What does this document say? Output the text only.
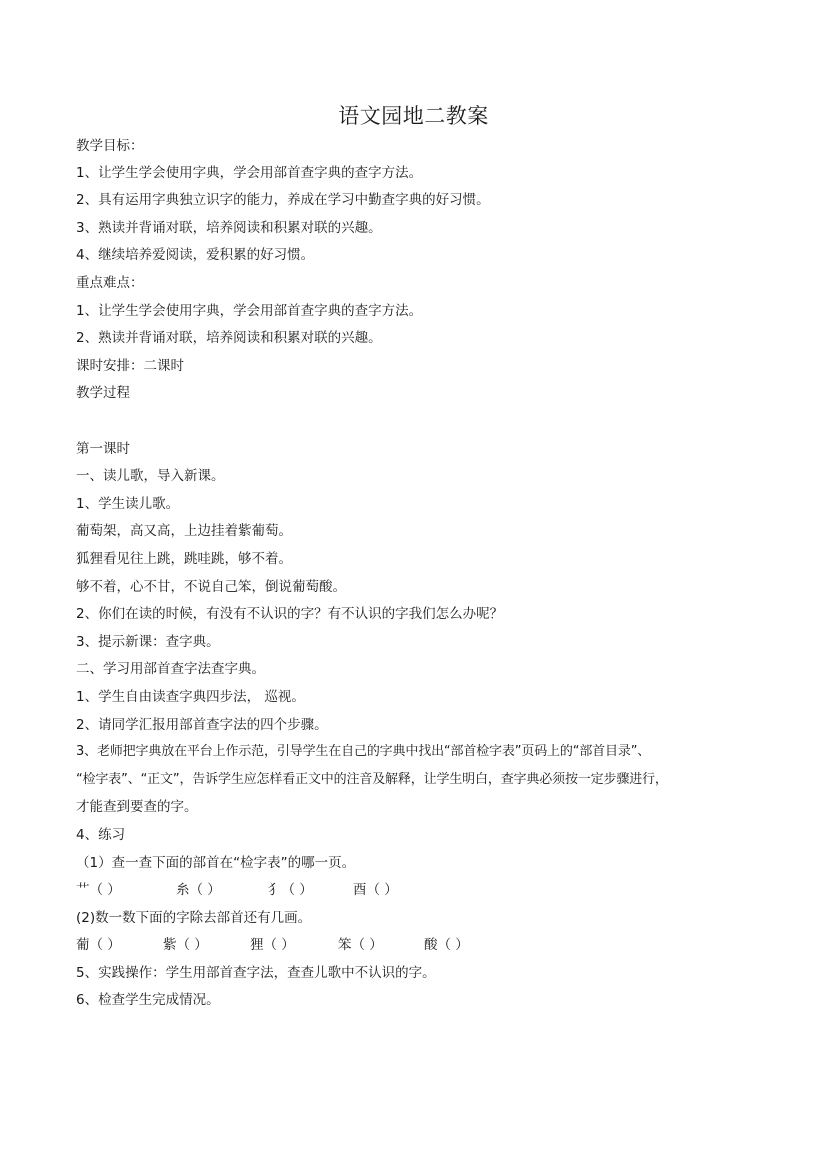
语文园地二教案
教学目标：
1、让学生学会使用字典，学会用部首查字典的查字方法。
2、具有运用字典独立识字的能力，养成在学习中勤查字典的好习惯。
3、熟读并背诵对联，培养阅读和积累对联的兴趣。
4、继续培养爱阅读，爱积累的好习惯。
重点难点：
1、让学生学会使用字典，学会用部首查字典的查字方法。
2、熟读并背诵对联，培养阅读和积累对联的兴趣。
课时安排：二课时
教学过程
第一课时
一、读儿歌，导入新课。
1、学生读儿歌。
葡萄架，高又高，上边挂着紫葡萄。
狐狸看见往上跳，跳哇跳，够不着。
够不着，心不甘，不说自己笨，倒说葡萄酸。
2、你们在读的时候，有没有不认识的字？有不认识的字我们怎么办呢？
3、提示新课：查字典。
二、学习用部首查字法查字典。
1、学生自由读查字典四步法， 巡视。
2、请同学汇报用部首查字法的四个步骤。
3、老师把字典放在平台上作示范，引导学生在自己的字典中找出“部首检字表”页码上的“部首目录”、
“检字表”、“正文”，告诉学生应怎样看正文中的注音及解释，让学生明白，查字典必须按一定步骤进行，
才能查到要查的字。
4、练习
（1）查一查下面的部首在“检字表”的哪一页。
艹（ ）	糸（ ）	犭（ ）	酉（ ）
(2)数一数下面的字除去部首还有几画。
葡（ ）	紫（ ）	狸（ ）	笨（ ）	酸（ ）
5、实践操作：学生用部首查字法，查查儿歌中不认识的字。
6、检查学生完成情况。
